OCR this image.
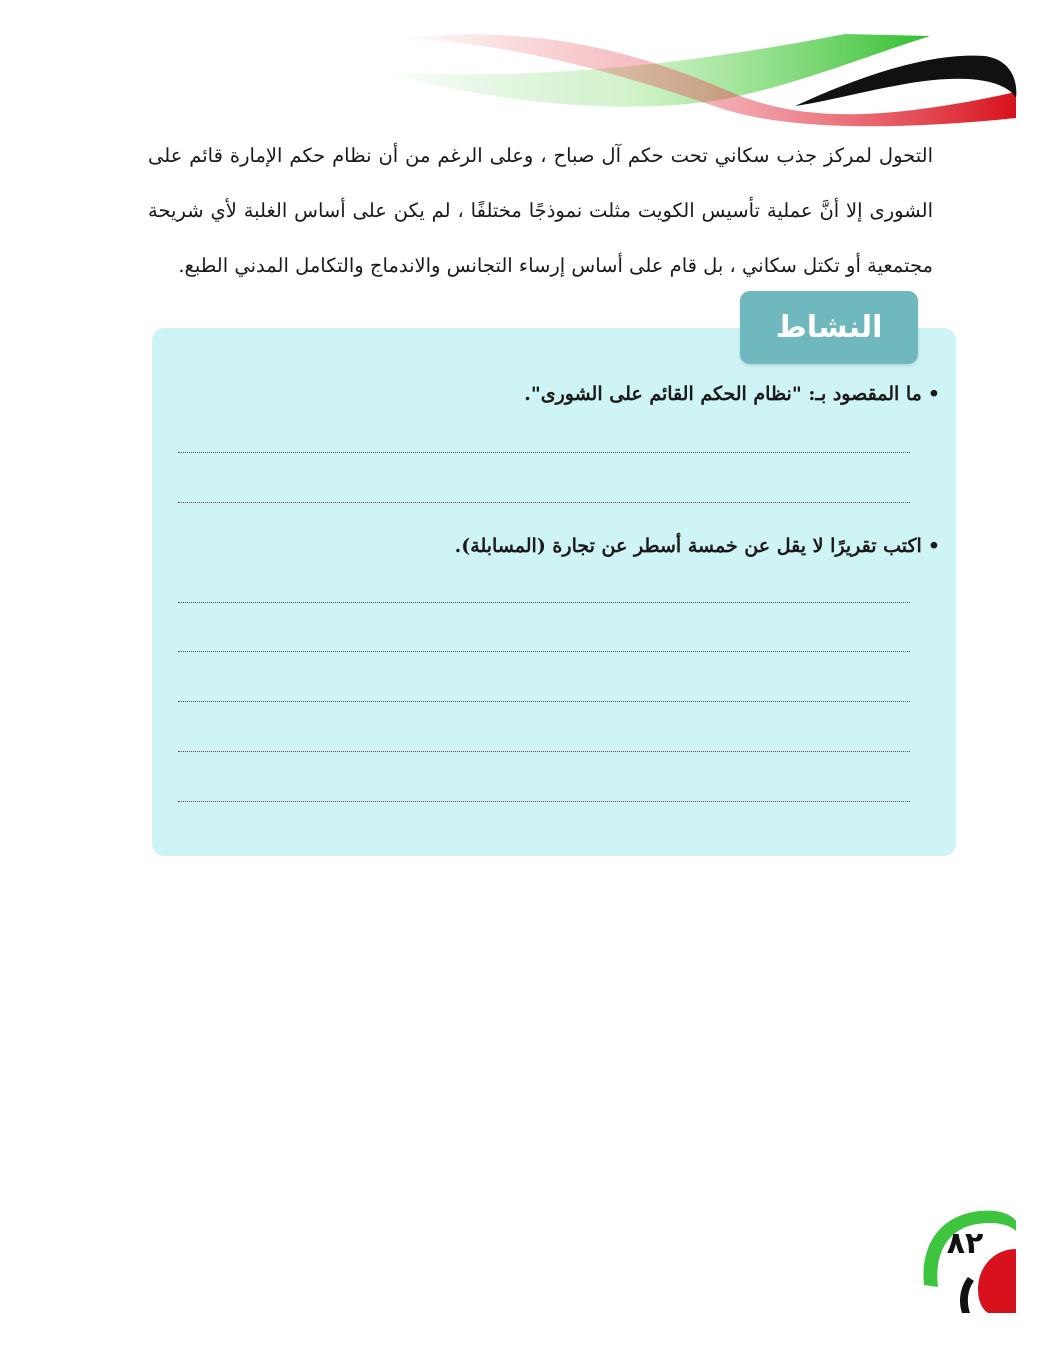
التحول لمركز جذب سكاني تحت حكم آل صباح ، وعلى الرغم من أن نظام حكم الإمارة قائم على الشورى إلا أنَّ عملية تأسيس الكويت مثلت نموذجًا مختلفًا ، لم يكن على أساس الغلبة لأي شريحة مجتمعية أو تكتل سكاني ، بل قام على أساس إرساء التجانس والاندماج والتكامل المدني الطبع.

النشاط

•ما المقصود بـ: "نظام الحكم القائم على الشورى".

•اكتب تقريرًا لا يقل عن خمسة أسطر عن تجارة (المسابلة).

٨٢
